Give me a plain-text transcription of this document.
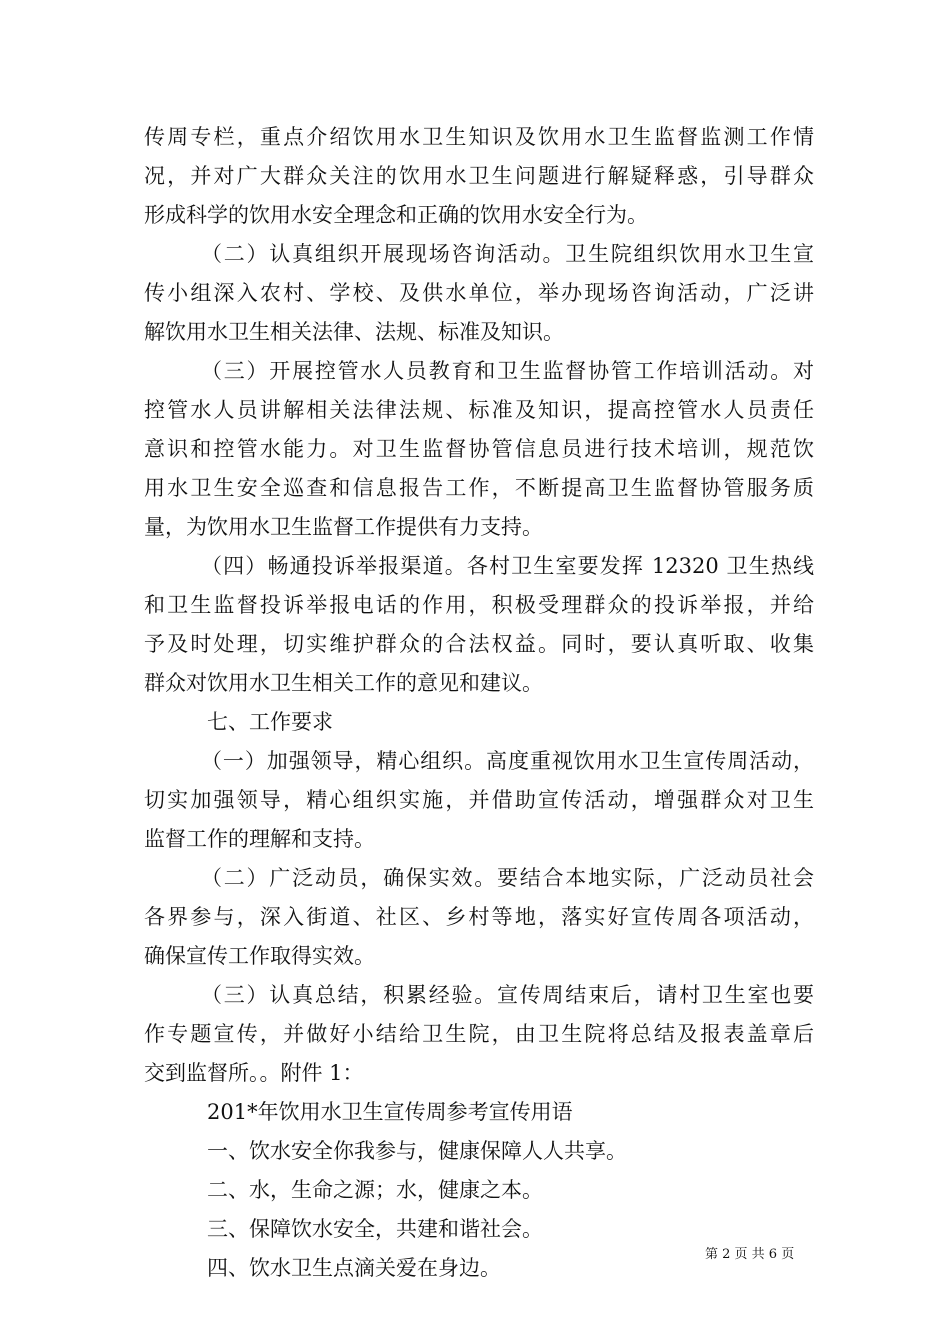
传周专栏，重点介绍饮用水卫生知识及饮用水卫生监督监测工作情
况，并对广大群众关注的饮用水卫生问题进行解疑释惑，引导群众
形成科学的饮用水安全理念和正确的饮用水安全行为。
（二）认真组织开展现场咨询活动。卫生院组织饮用水卫生宣
传小组深入农村、学校、及供水单位，举办现场咨询活动，广泛讲
解饮用水卫生相关法律、法规、标准及知识。
（三）开展控管水人员教育和卫生监督协管工作培训活动。对
控管水人员讲解相关法律法规、标准及知识，提高控管水人员责任
意识和控管水能力。对卫生监督协管信息员进行技术培训，规范饮
用水卫生安全巡查和信息报告工作，不断提高卫生监督协管服务质
量，为饮用水卫生监督工作提供有力支持。
（四）畅通投诉举报渠道。各村卫生室要发挥 12320 卫生热线
和卫生监督投诉举报电话的作用，积极受理群众的投诉举报，并给
予及时处理，切实维护群众的合法权益。同时，要认真听取、收集
群众对饮用水卫生相关工作的意见和建议。
七、工作要求
（一）加强领导，精心组织。高度重视饮用水卫生宣传周活动，
切实加强领导，精心组织实施，并借助宣传活动，增强群众对卫生
监督工作的理解和支持。
（二）广泛动员，确保实效。要结合本地实际，广泛动员社会
各界参与，深入街道、社区、乡村等地，落实好宣传周各项活动，
确保宣传工作取得实效。
（三）认真总结，积累经验。宣传周结束后，请村卫生室也要
作专题宣传，并做好小结给卫生院，由卫生院将总结及报表盖章后
交到监督所。。附件 1：
201*年饮用水卫生宣传周参考宣传用语
一、饮水安全你我参与，健康保障人人共享。
二、水，生命之源；水，健康之本。
三、保障饮水安全，共建和谐社会。
四、饮水卫生点滴关爱在身边。
第 2 页 共 6 页
